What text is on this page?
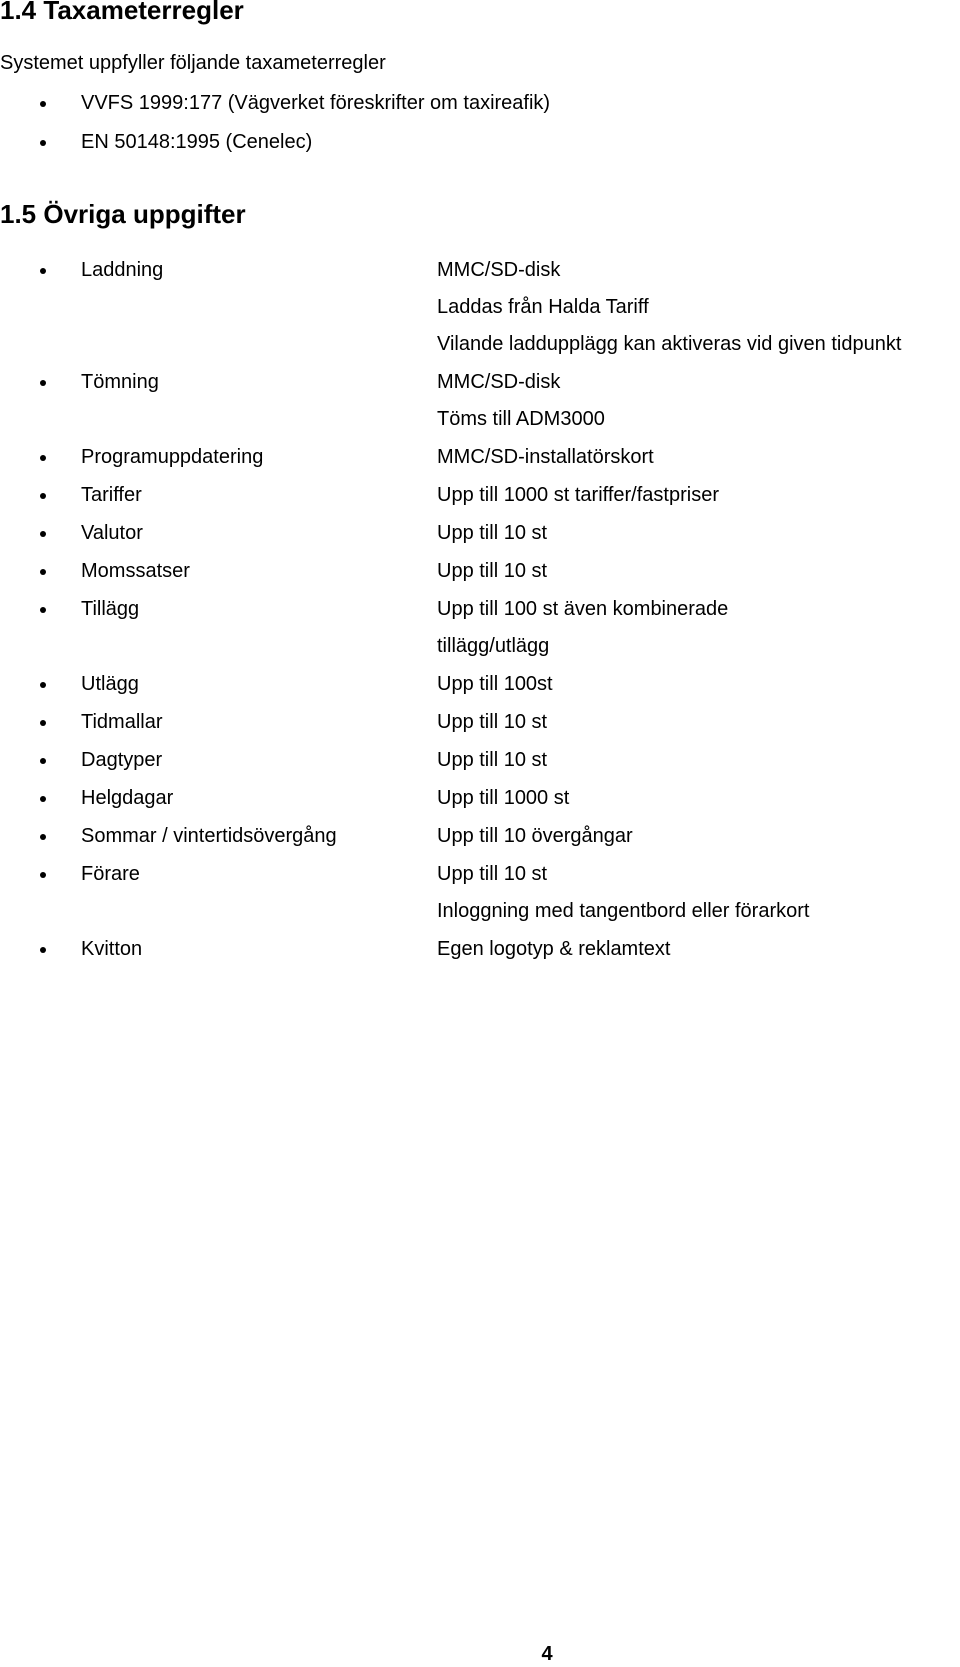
1.4 Taxameterregler
Systemet uppfyller följande taxameterregler
VVFS 1999:177 (Vägverket föreskrifter om taxireafik)
EN 50148:1995 (Cenelec)
1.5 Övriga uppgifter
Laddning	MMC/SD-disk
Laddas från Halda Tariff
Vilande laddupplägg kan aktiveras vid given tidpunkt
Tömning	MMC/SD-disk
Töms till ADM3000
Programuppdatering	MMC/SD-installatörskort
Tariffer	Upp till 1000 st tariffer/fastpriser
Valutor	Upp till 10 st
Momssatser	Upp till 10 st
Tillägg	Upp till 100 st även kombinerade
tillägg/utlägg
Utlägg	Upp till 100st
Tidmallar	Upp till 10 st
Dagtyper	Upp till 10 st
Helgdagar	Upp till 1000 st
Sommar / vintertidsövergång	Upp till 10 övergångar
Förare	Upp till 10 st
Inloggning med tangentbord eller förarkort
Kvitton	Egen logotyp & reklamtext
4
